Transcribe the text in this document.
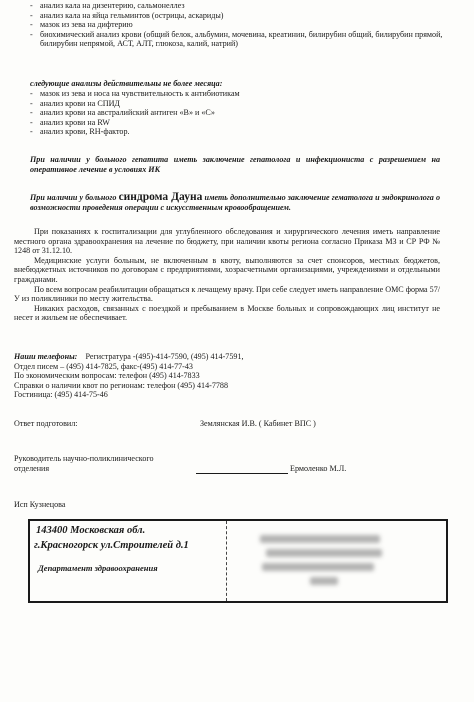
- анализ кала на дизентерию, сальмонеллез
- анализ кала на яйца гельминтов (острицы, аскариды)
- мазок из зева на дифтерию
- биохимический анализ крови (общий белок, альбумин, мочевина, креатинин, билирубин общий, билирубин прямой, билирубин непрямой, АСТ, АЛТ, глюкоза, калий, натрий)
следующие анализы действительны не более месяца:
- мазок из зева и носа на чувствительность к антибиотикам
- анализ крови на СПИД
- анализ крови на австралийский антиген «В» и «С»
- анализ крови на RW
- анализ крови, RH-фактор.

При наличии у больного гепатита иметь заключение гепатолога и инфекциониста с разрешением на оперативное лечение в условиях ИК

При наличии у больного синдрома Дауна иметь дополнительно заключение гематолога и эндокринолога о возможности проведения операции с искусственным кровообращением.

При показаниях к госпитализации для углубленного обследования и хирургического лечения иметь направление местного органа здравоохранения на лечение по бюджету, при наличии квоты региона согласно Приказа МЗ и СР РФ № 1248 от 31.12.10.

Медицинские услуги больным, не включенным в квоту, выполняются за счет спонсоров, местных бюджетов, внебюджетных источников по договорам с предприятиями, хозрасчетными организациями, учреждениями и отдельными гражданами.

По всем вопросам реабилитации обращаться к лечащему врачу. При себе следует иметь направление ОМС форма 57/У из поликлиники по месту жительства.

Никаких расходов, связанных с поездкой и пребыванием в Москве больных и сопровождающих лиц институт не несет и жильем не обеспечивает.

Наши телефоны: Регистратура -(495)-414-7590, (495) 414-7591,
Отдел писем – (495) 414-7825, факс-(495) 414-77-43
По экономическим вопросам: телефон (495) 414-7833
Справки о наличии квот по регионам: телефон (495) 414-7788
Гостиница: (495) 414-75-46
Ответ подготовил:	Землянская И.В. ( Кабинет ВПС )
Руководитель научно-поликлинического
отделения	Ермоленко М.Л.
Исп Кузнецова
143400 Московская обл.
г.Красногорск ул.Строителей д.1
Департамент здравоохранения
